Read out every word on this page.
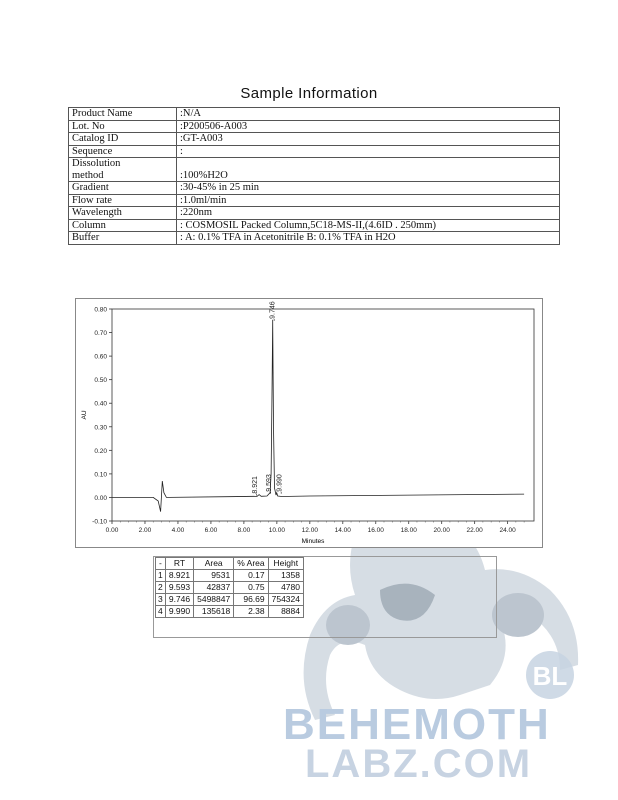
Sample Information
Product Name	:N/A
Lot. No	:P200506-A003
Catalog ID	:GT-A003
Sequence	:
Dissolution
method	:100%H2O
Gradient	:30-45% in 25 min
Flow rate	:1.0ml/min
Wavelength	:220nm
Column	: COSMOSIL Packed Column,5C18-MS-II,(4.6ID . 250mm)
Buffer	: A: 0.1% TFA in Acetonitrile B: 0.1% TFA in H2O
BL
BEHEMOTH
LABZ.COM
-0.10
0.00
0.10
0.20
0.30
0.40
0.50
0.60
0.70
0.80
0.00	2.00	4.00	6.00	8.00	10.00	12.00	14.00	16.00	18.00	20.00	22.00	24.00
Minutes
AU
8.921 9.593
9.746
9.990
-	RT	Area	% Area	Height
1	8.921	9531	0.17	1358
2	9.593	42837	0.75	4780
3	9.746	5498847	96.69	754324
4	9.990	135618	2.38	8884
